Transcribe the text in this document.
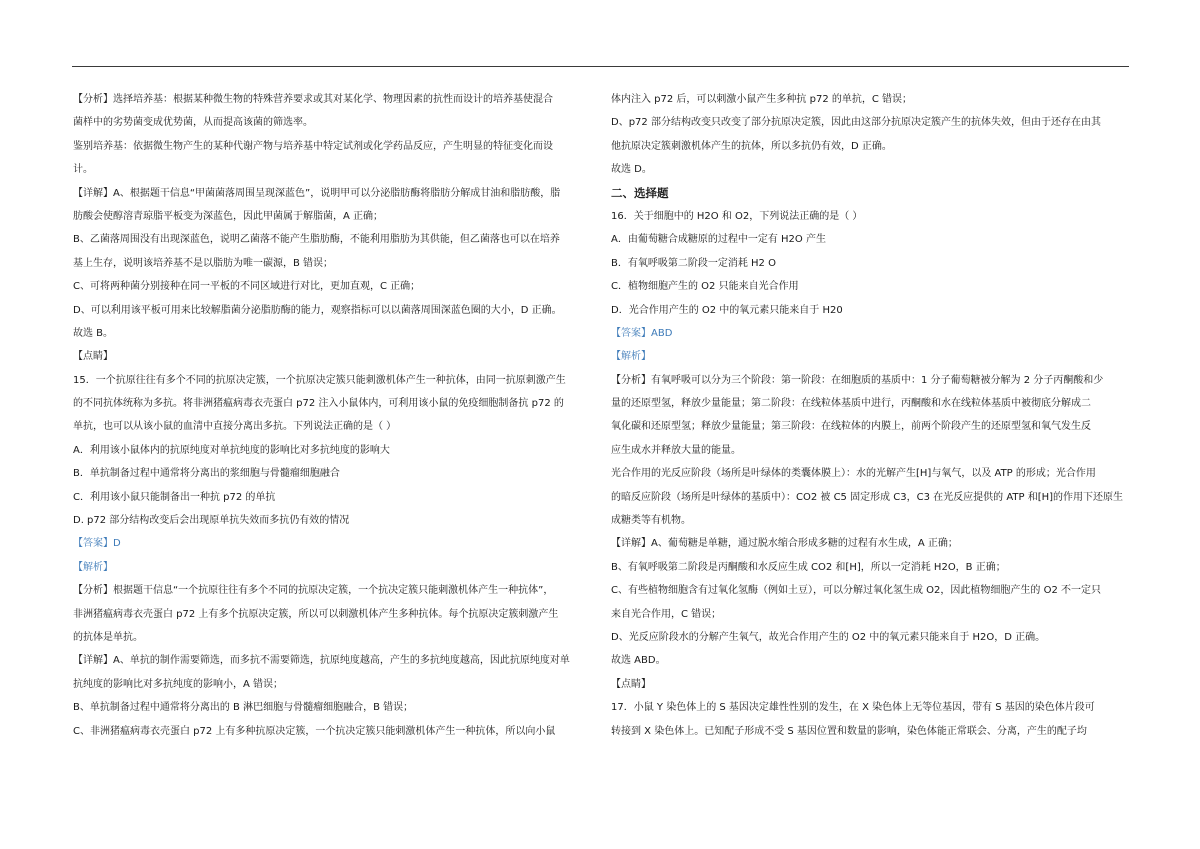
【分析】选择培养基：根据某种微生物的特殊营养要求或其对某化学、物理因素的抗性而设计的培养基使混合
菌样中的劣势菌变成优势菌，从而提高该菌的筛选率。
鉴别培养基：依据微生物产生的某种代谢产物与培养基中特定试剂或化学药品反应，产生明显的特征变化而设
计。
【详解】A、根据题干信息“甲菌菌落周围呈现深蓝色”，说明甲可以分泌脂肪酶将脂肪分解成甘油和脂肪酸，脂
肪酸会使醇溶青琼脂平板变为深蓝色，因此甲菌属于解脂菌，A 正确；
B、乙菌落周围没有出现深蓝色，说明乙菌落不能产生脂肪酶，不能利用脂肪为其供能，但乙菌落也可以在培养
基上生存，说明该培养基不是以脂肪为唯一碳源，B 错误；
C、可将两种菌分别接种在同一平板的不同区域进行对比，更加直观，C 正确；
D、可以利用该平板可用来比较解脂菌分泌脂肪酶的能力，观察指标可以以菌落周围深蓝色圈的大小，D 正确。
故选 B。
【点睛】
15．一个抗原往往有多个不同的抗原决定簇，一个抗原决定簇只能刺激机体产生一种抗体，由同一抗原刺激产生
的不同抗体统称为多抗。将非洲猪瘟病毒衣壳蛋白 p72 注入小鼠体内，可利用该小鼠的免疫细胞制备抗 p72 的
单抗，也可以从该小鼠的血清中直接分离出多抗。下列说法正确的是（ ）
A．利用该小鼠体内的抗原纯度对单抗纯度的影响比对多抗纯度的影响大
B．单抗制备过程中通常将分离出的浆细胞与骨髓瘤细胞融合
C．利用该小鼠只能制备出一种抗 p72 的单抗
D. p72 部分结构改变后会出现原单抗失效而多抗仍有效的情况
【答案】D
【解析】
【分析】根据题干信息“一个抗原往往有多个不同的抗原决定簇，一个抗决定簇只能刺激机体产生一种抗体”，
非洲猪瘟病毒衣壳蛋白 p72 上有多个抗原决定簇，所以可以刺激机体产生多种抗体。每个抗原决定簇刺激产生
的抗体是单抗。
【详解】A、单抗的制作需要筛选，而多抗不需要筛选，抗原纯度越高，产生的多抗纯度越高，因此抗原纯度对单
抗纯度的影响比对多抗纯度的影响小，A 错误；
B、单抗制备过程中通常将分离出的 B 淋巴细胞与骨髓瘤细胞融合，B 错误；
C、非洲猪瘟病毒衣壳蛋白 p72 上有多种抗原决定簇，一个抗决定簇只能刺激机体产生一种抗体，所以向小鼠
体内注入 p72 后，可以刺激小鼠产生多种抗 p72 的单抗，C 错误；
D、p72 部分结构改变只改变了部分抗原决定簇，因此由这部分抗原决定簇产生的抗体失效，但由于还存在由其
他抗原决定簇刺激机体产生的抗体，所以多抗仍有效，D 正确。
故选 D。
二、选择题
16．关于细胞中的 H2O 和 O2，下列说法正确的是（ ）
A．由葡萄糖合成糖原的过程中一定有 H2O 产生
B．有氧呼吸第二阶段一定消耗 H2 O
C．植物细胞产生的 O2 只能来自光合作用
D．光合作用产生的 O2 中的氧元素只能来自于 H20
【答案】ABD
【解析】
【分析】有氧呼吸可以分为三个阶段：第一阶段：在细胞质的基质中：1 分子葡萄糖被分解为 2 分子丙酮酸和少
量的还原型氢，释放少量能量；第二阶段：在线粒体基质中进行，丙酮酸和水在线粒体基质中被彻底分解成二
氧化碳和还原型氢；释放少量能量；第三阶段：在线粒体的内膜上，前两个阶段产生的还原型氢和氧气发生反
应生成水并释放大量的能量。
光合作用的光反应阶段（场所是叶绿体的类囊体膜上）：水的光解产生[H]与氧气，以及 ATP 的形成；光合作用
的暗反应阶段（场所是叶绿体的基质中）：CO2 被 C5 固定形成 C3，C3 在光反应提供的 ATP 和[H]的作用下还原生
成糖类等有机物。
【详解】A、葡萄糖是单糖，通过脱水缩合形成多糖的过程有水生成，A 正确；
B、有氧呼吸第二阶段是丙酮酸和水反应生成 CO2 和[H]，所以一定消耗 H2O，B 正确；
C、有些植物细胞含有过氧化氢酶（例如土豆），可以分解过氧化氢生成 O2，因此植物细胞产生的 O2 不一定只
来自光合作用，C 错误；
D、光反应阶段水的分解产生氧气，故光合作用产生的 O2 中的氧元素只能来自于 H2O，D 正确。
故选 ABD。
【点睛】
17．小鼠 Y 染色体上的 S 基因决定雄性性别的发生，在 X 染色体上无等位基因，带有 S 基因的染色体片段可
转接到 X 染色体上。已知配子形成不受 S 基因位置和数量的影响，染色体能正常联会、分离，产生的配子均
